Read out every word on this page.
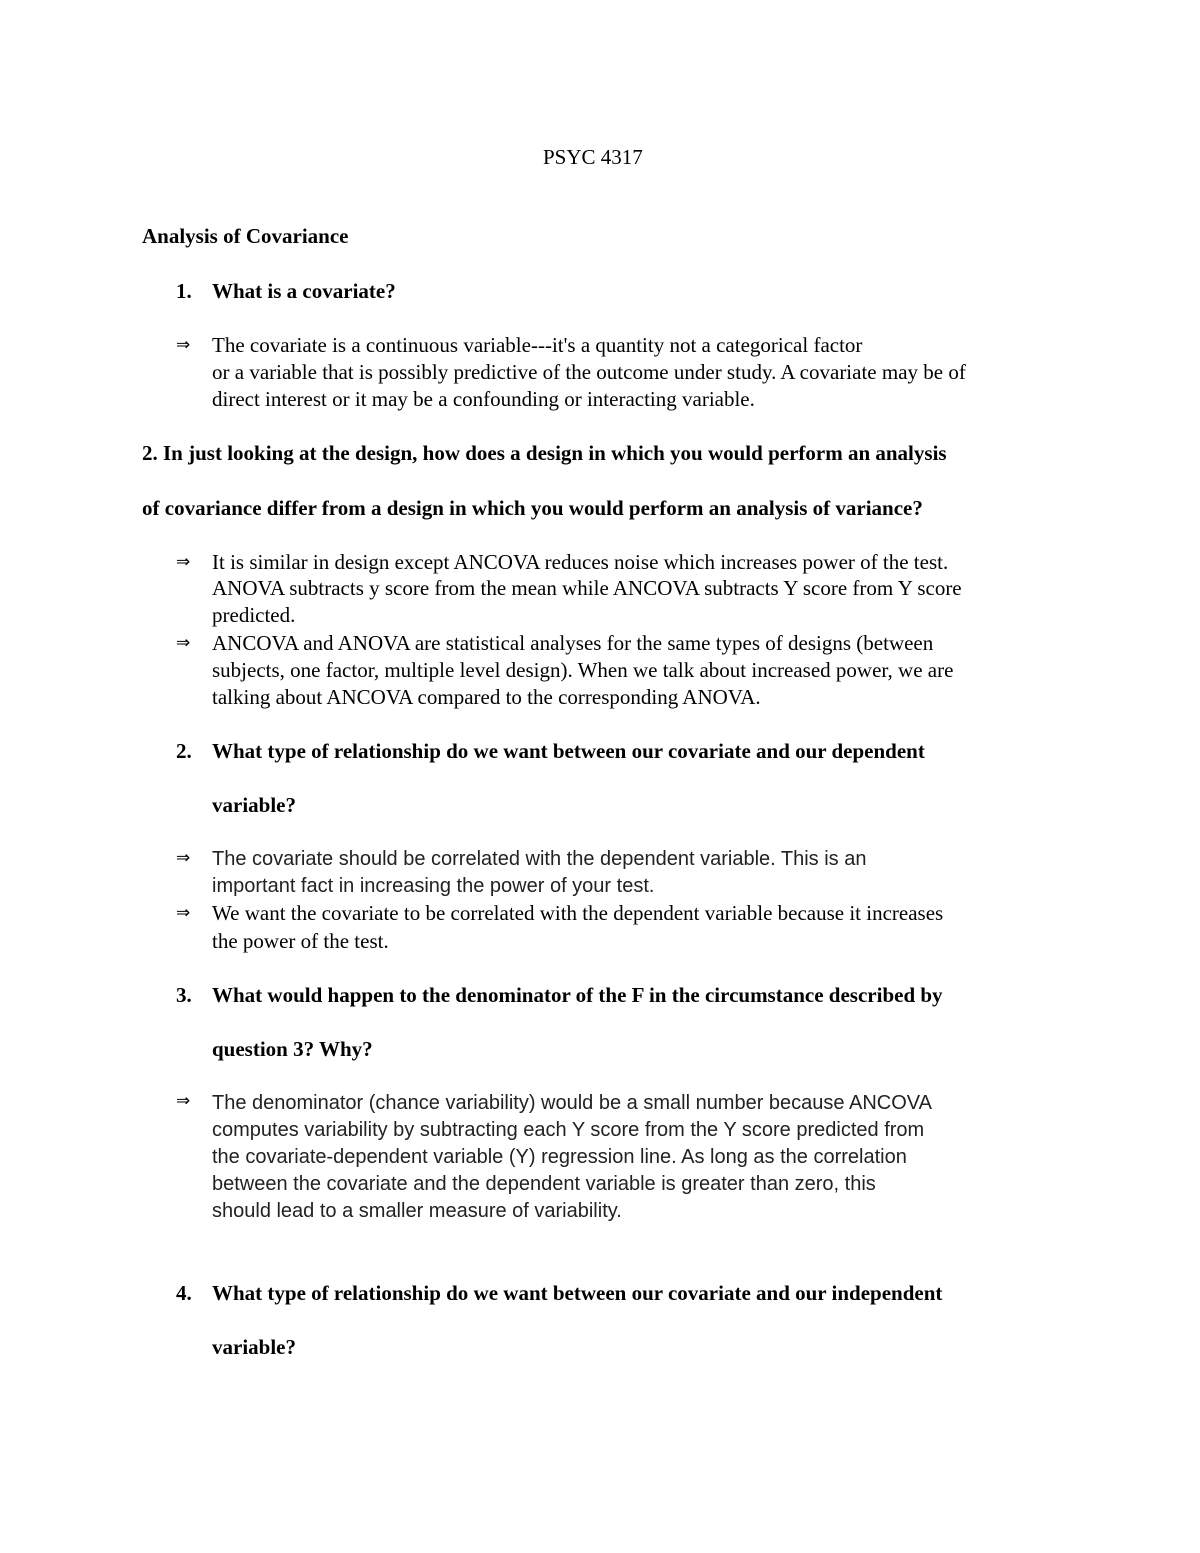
PSYC 4317
Analysis of Covariance
1. What is a covariate?
⇒ The covariate is a continuous variable---it's a quantity not a categorical factor
or a variable that is possibly predictive of the outcome under study. A covariate may be of
direct interest or it may be a confounding or interacting variable.
2. In just looking at the design, how does a design in which you would perform an analysis
of covariance differ from a design in which you would perform an analysis of variance?
⇒ It is similar in design except ANCOVA reduces noise which increases power of the test.
ANOVA subtracts y score from the mean while ANCOVA subtracts Y score from Y score
predicted.
⇒ ANCOVA and ANOVA are statistical analyses for the same types of designs (between
subjects, one factor, multiple level design). When we talk about increased power, we are
talking about ANCOVA compared to the corresponding ANOVA.
2. What type of relationship do we want between our covariate and our dependent
variable?
⇒ The covariate should be correlated with the dependent variable. This is an
important fact in increasing the power of your test.
⇒ We want the covariate to be correlated with the dependent variable because it increases
the power of the test.
3. What would happen to the denominator of the F in the circumstance described by
question 3? Why?
⇒ The denominator (chance variability) would be a small number because ANCOVA
computes variability by subtracting each Y score from the Y score predicted from
the covariate-dependent variable (Y) regression line. As long as the correlation
between the covariate and the dependent variable is greater than zero, this
should lead to a smaller measure of variability.
4. What type of relationship do we want between our covariate and our independent
variable?
